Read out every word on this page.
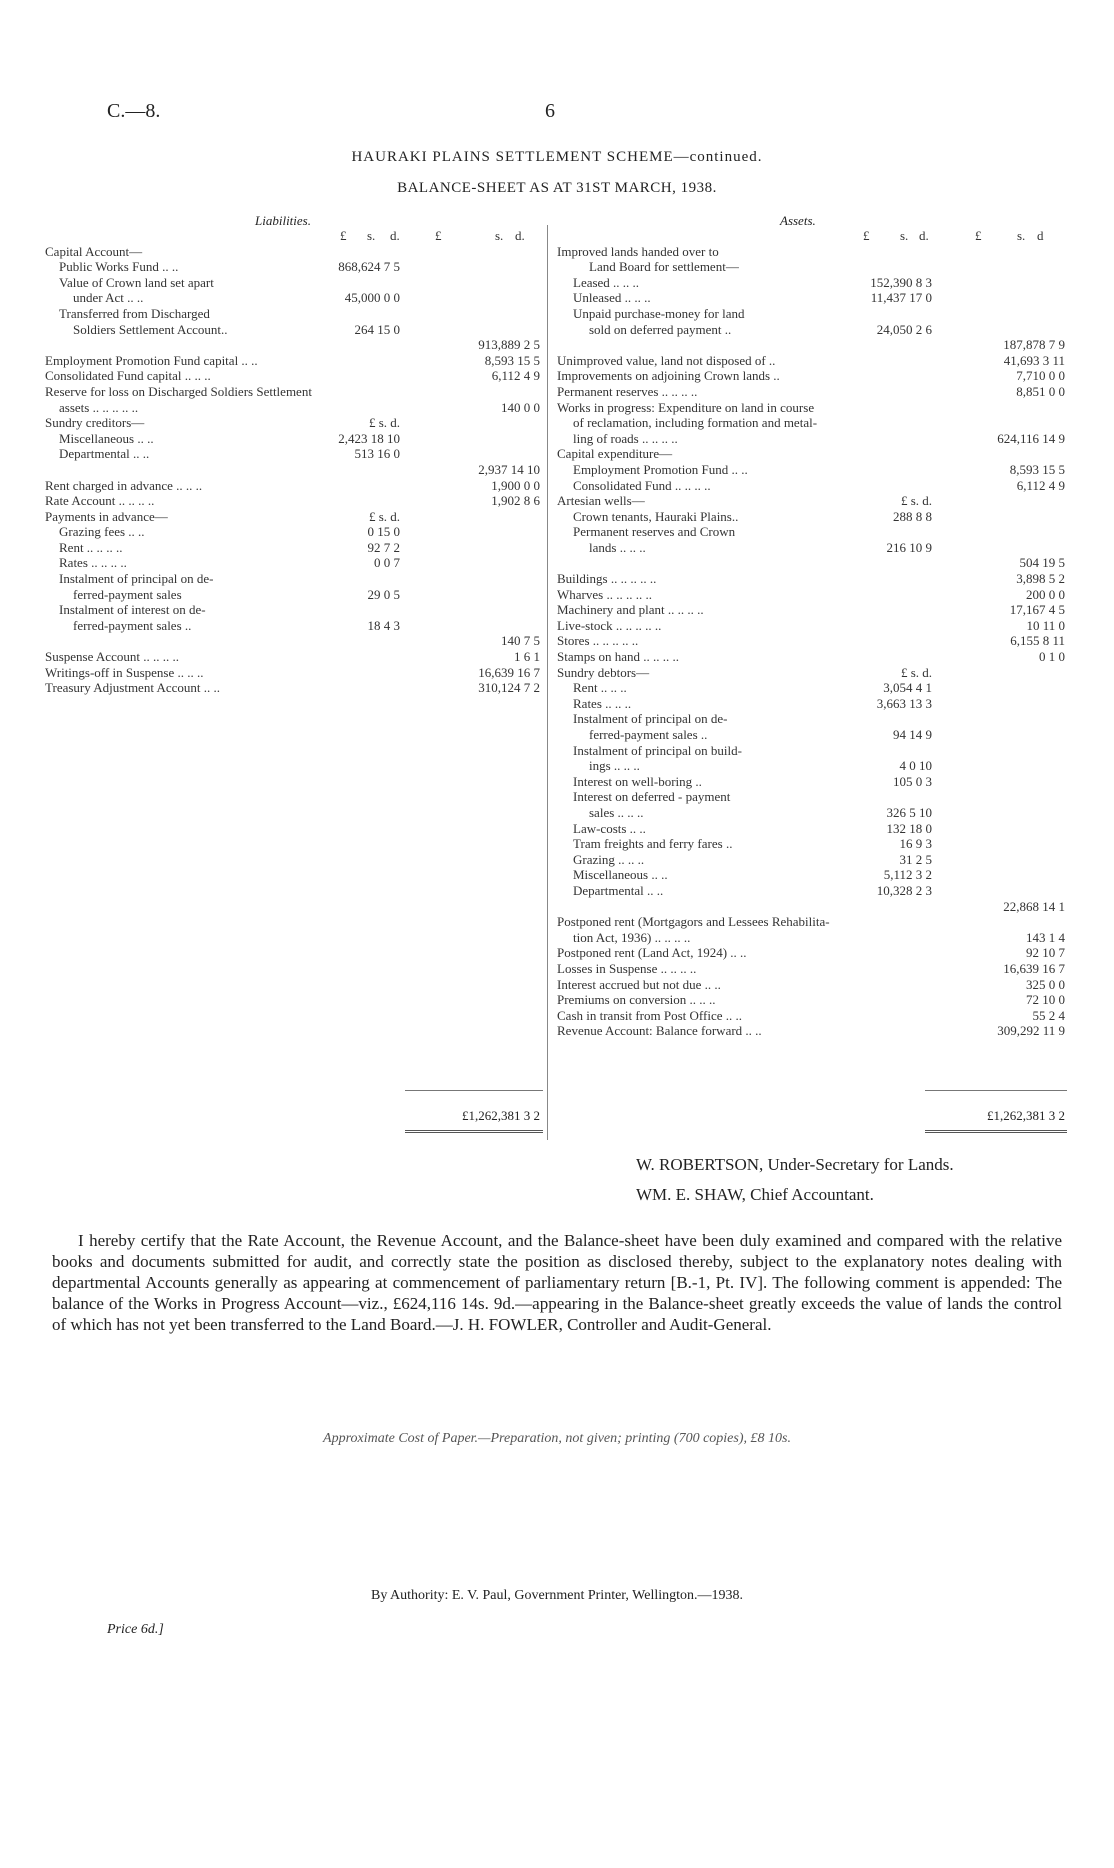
C.—8.	6
HAURAKI PLAINS SETTLEMENT SCHEME—continued.
BALANCE-SHEET AS AT 31ST MARCH, 1938.
Liabilities.	Assets.
£ s. d.	£	s. d.
Capital Account—
Public Works Fund .. ..	868,624 7 5
Value of Crown land set apart
under Act .. ..	45,000 0 0
Transferred from Discharged
Soldiers Settlement Account..	264 15 0
913,889 2 5
Employment Promotion Fund capital .. ..	8,593 15 5
Consolidated Fund capital .. .. ..	6,112 4 9
Reserve for loss on Discharged Soldiers Settlement
assets .. .. .. .. ..	140 0 0
Sundry creditors—	£ s. d.
Miscellaneous .. ..	2,423 18 10
Departmental .. ..	513 16 0
2,937 14 10
Rent charged in advance .. .. ..	1,900 0 0
Rate Account .. .. .. ..	1,902 8 6
Payments in advance—	£ s. d.
Grazing fees .. ..	0 15 0
Rent .. .. .. ..	92 7 2
Rates .. .. .. ..	0 0 7
Instalment of principal on de-
ferred-payment sales	29 0 5
Instalment of interest on de-
ferred-payment sales ..	18 4 3
140 7 5
Suspense Account .. .. .. ..	1 6 1
Writings-off in Suspense .. .. ..	16,639 16 7
Treasury Adjustment Account .. ..	310,124 7 2
£ s. d.	£	s. d
Improved lands handed over to
Land Board for settlement—
Leased .. .. ..	152,390 8 3
Unleased .. .. ..	11,437 17 0
Unpaid purchase-money for land
sold on deferred payment ..	24,050 2 6
187,878 7 9
Unimproved value, land not disposed of ..	41,693 3 11
Improvements on adjoining Crown lands ..	7,710 0 0
Permanent reserves .. .. .. ..	8,851 0 0
Works in progress: Expenditure on land in course
of reclamation, including formation and metal-
ling of roads .. .. .. ..	624,116 14 9
Capital expenditure—
Employment Promotion Fund .. ..	8,593 15 5
Consolidated Fund .. .. .. ..	6,112 4 9
Artesian wells—	£ s. d.
Crown tenants, Hauraki Plains..	288 8 8
Permanent reserves and Crown
lands .. .. ..	216 10 9
504 19 5
Buildings .. .. .. .. ..	3,898 5 2
Wharves .. .. .. .. ..	200 0 0
Machinery and plant .. .. .. ..	17,167 4 5
Live-stock .. .. .. .. ..	10 11 0
Stores .. .. .. .. ..	6,155 8 11
Stamps on hand .. .. .. ..	0 1 0
Sundry debtors—	£ s. d.
Rent .. .. ..	3,054 4 1
Rates .. .. ..	3,663 13 3
Instalment of principal on de-
ferred-payment sales ..	94 14 9
Instalment of principal on build-
ings .. .. ..	4 0 10
Interest on well-boring ..	105 0 3
Interest on deferred - payment
sales .. .. ..	326 5 10
Law-costs .. ..	132 18 0
Tram freights and ferry fares ..	16 9 3
Grazing .. .. ..	31 2 5
Miscellaneous .. ..	5,112 3 2
Departmental .. ..	10,328 2 3
22,868 14 1
Postponed rent (Mortgagors and Lessees Rehabilita-
tion Act, 1936) .. .. .. ..	143 1 4
Postponed rent (Land Act, 1924) .. ..	92 10 7
Losses in Suspense .. .. .. ..	16,639 16 7
Interest accrued but not due .. ..	325 0 0
Premiums on conversion .. .. ..	72 10 0
Cash in transit from Post Office .. ..	55 2 4
Revenue Account: Balance forward .. ..	309,292 11 9
£1,262,381 3 2	£1,262,381 3 2
W. ROBERTSON, Under-Secretary for Lands.
WM. E. SHAW, Chief Accountant.
I hereby certify that the Rate Account, the Revenue Account, and the Balance-sheet have been duly examined and compared with the relative books and documents submitted for audit, and correctly state the position as disclosed thereby, subject to the explanatory notes dealing with departmental Accounts generally as appearing at commencement of parliamentary return [B.-1, Pt. IV]. The following comment is appended: The balance of the Works in Progress Account—viz., £624,116 14s. 9d.—appearing in the Balance-sheet greatly exceeds the value of lands the control of which has not yet been transferred to the Land Board.—J. H. FOWLER, Controller and Audit-General.
Approximate Cost of Paper.—Preparation, not given; printing (700 copies), £8 10s.
By Authority: E. V. Paul, Government Printer, Wellington.—1938.
Price 6d.]
